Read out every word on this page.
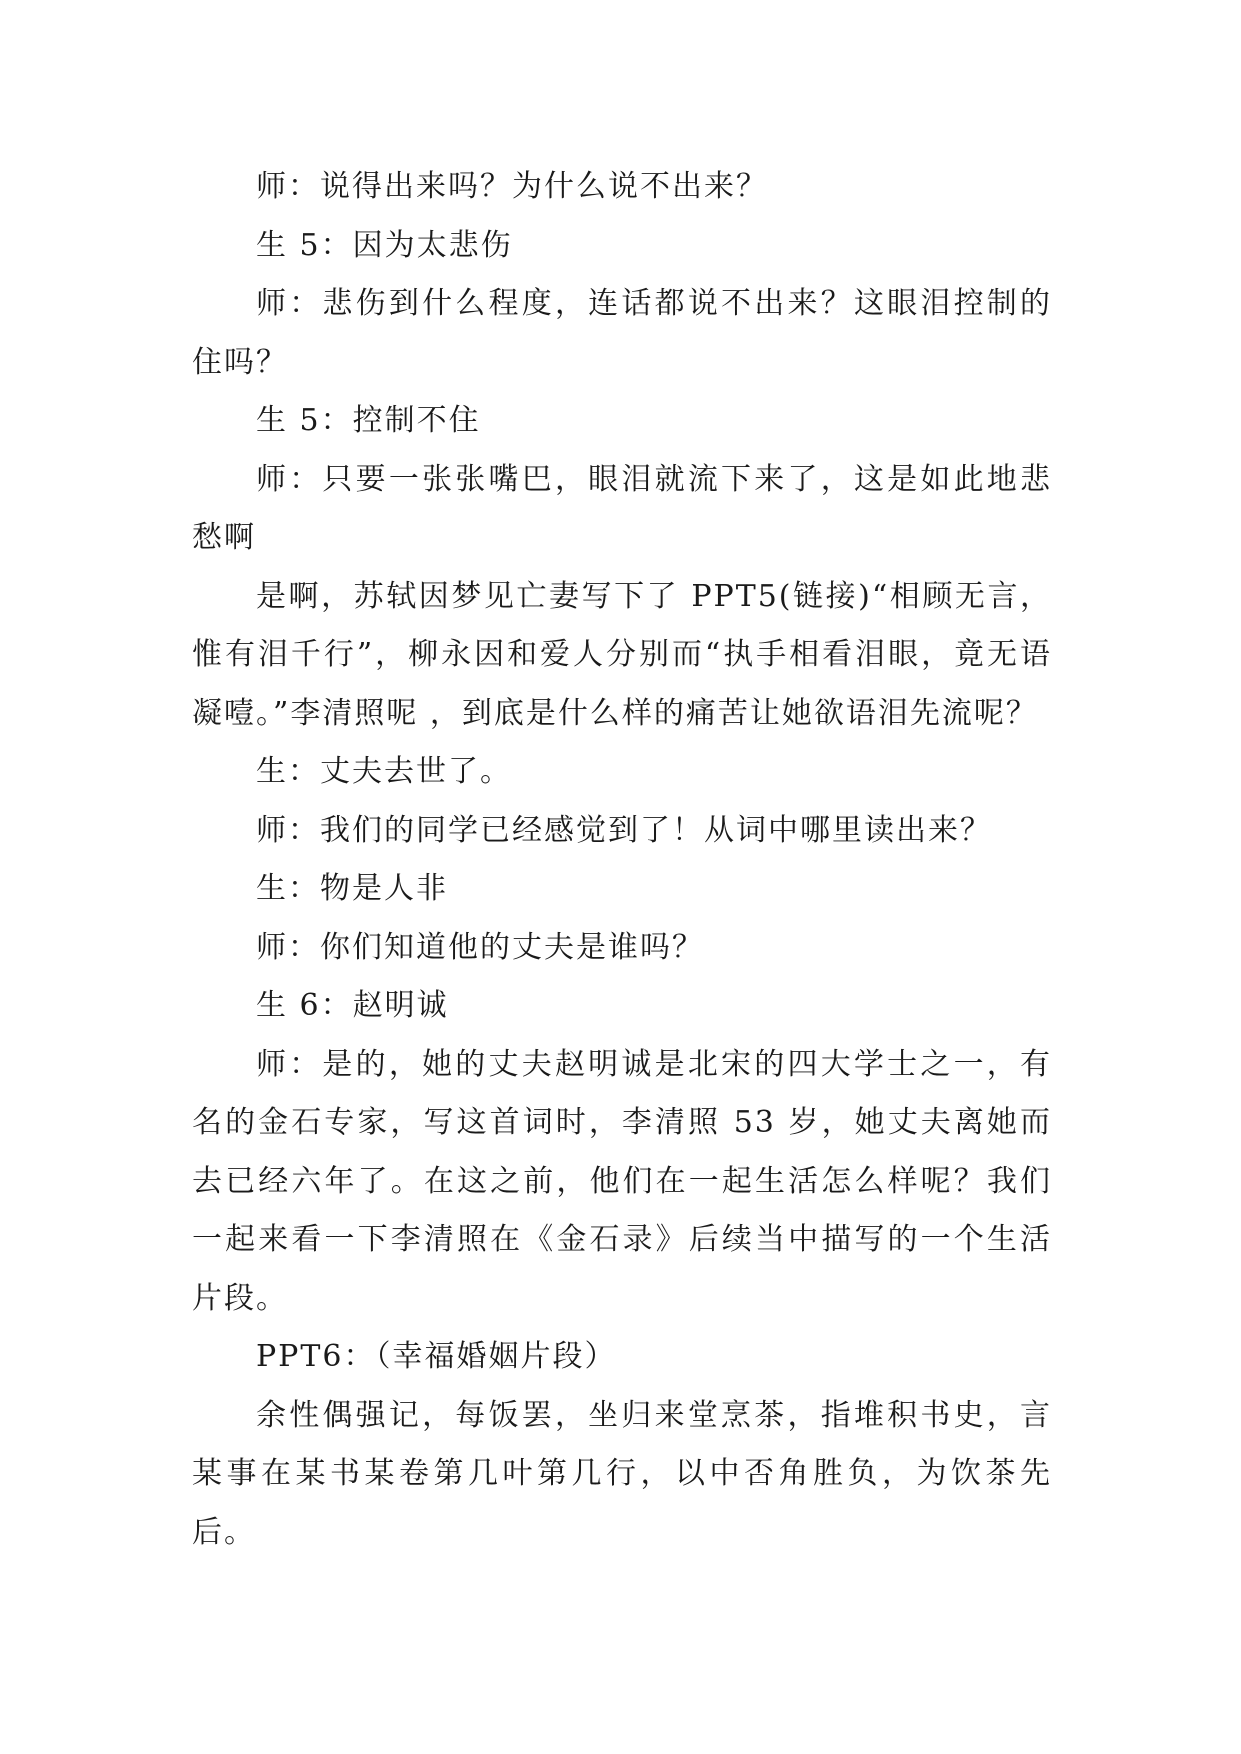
师：说得出来吗？为什么说不出来？

生 5：因为太悲伤

师：悲伤到什么程度，连话都说不出来？这眼泪控制的住吗？

生 5：控制不住

师：只要一张张嘴巴，眼泪就流下来了，这是如此地悲愁啊

是啊，苏轼因梦见亡妻写下了 PPT5(链接)“相顾无言，惟有泪千行”，柳永因和爱人分别而“执手相看泪眼，竟无语凝噎。”李清照呢 ，到底是什么样的痛苦让她欲语泪先流呢？

生：丈夫去世了。

师：我们的同学已经感觉到了！从词中哪里读出来？

生：物是人非

师：你们知道他的丈夫是谁吗？

生 6：赵明诚

师：是的，她的丈夫赵明诚是北宋的四大学士之一，有名的金石专家，写这首词时，李清照 53 岁，她丈夫离她而去已经六年了。在这之前，他们在一起生活怎么样呢？我们一起来看一下李清照在《金石录》后续当中描写的一个生活片段。

PPT6：（幸福婚姻片段）

余性偶强记，每饭罢，坐归来堂烹茶，指堆积书史，言某事在某书某卷第几叶第几行，以中否角胜负，为饮茶先后。
